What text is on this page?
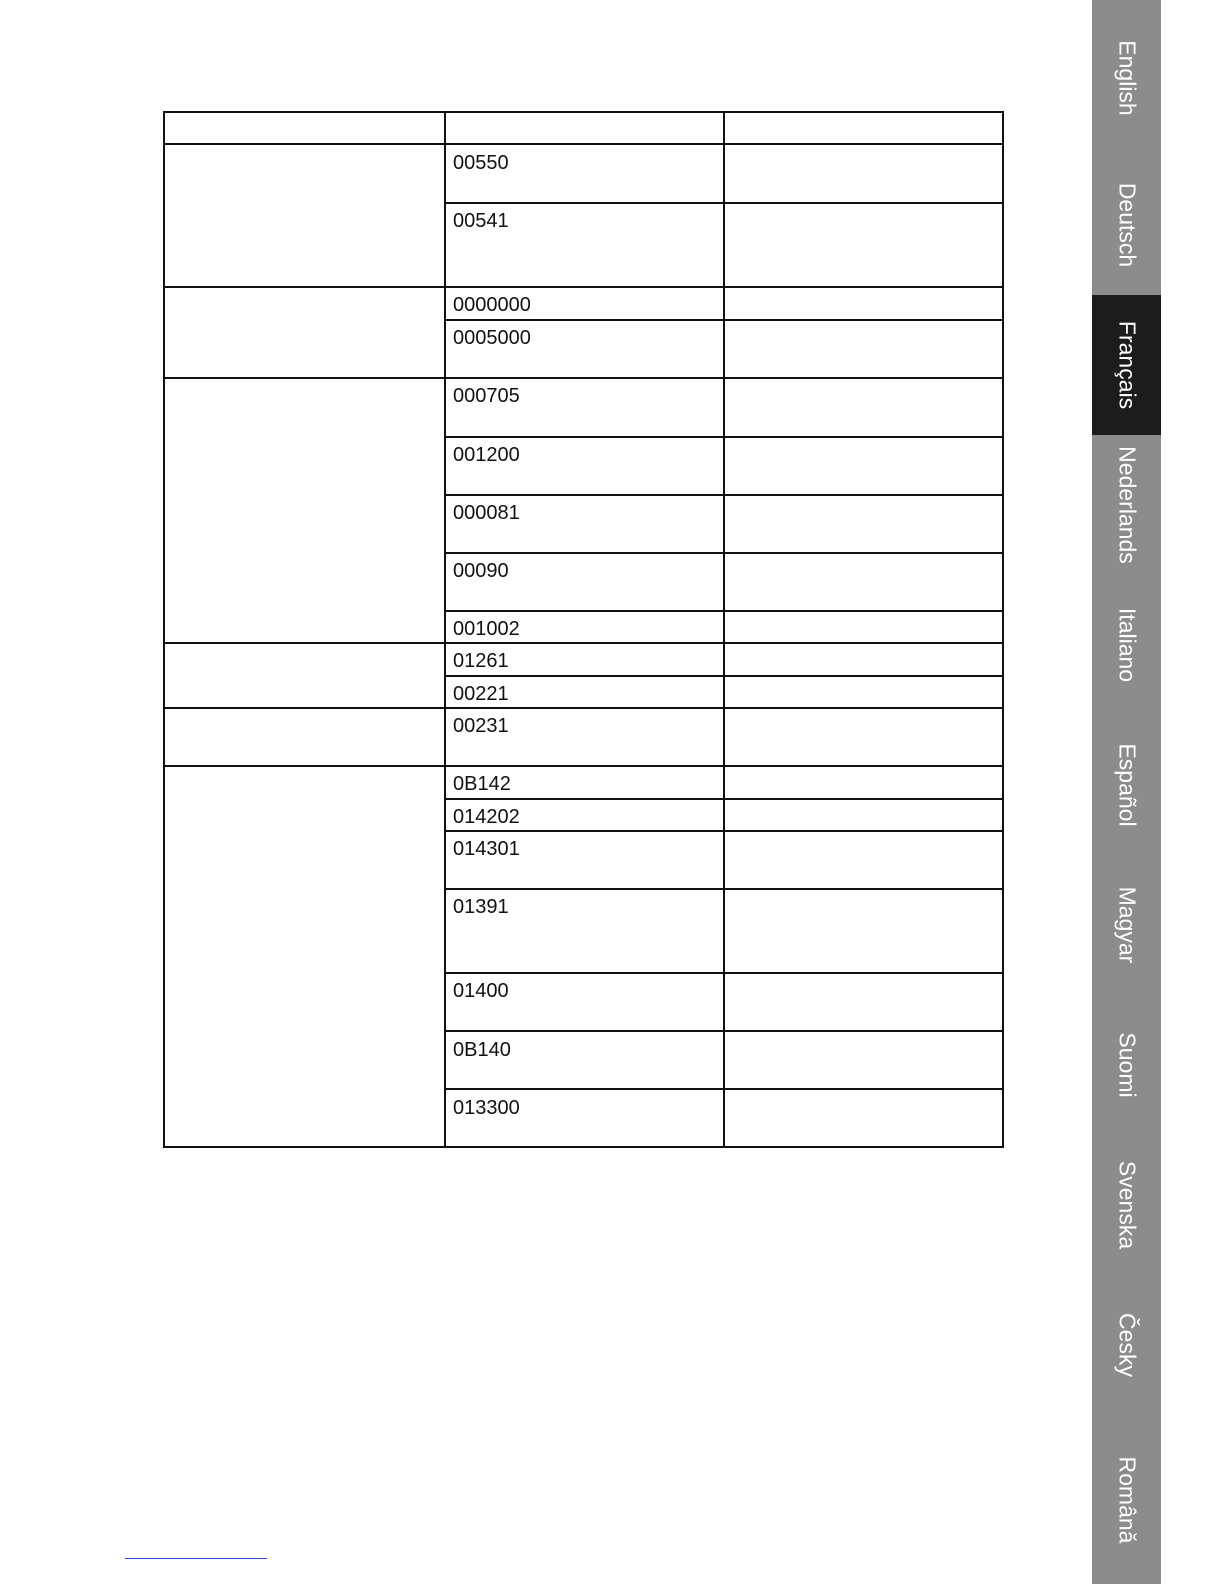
00550
00541
0000000
0005000
000705
001200
000081
00090
001002
01261
00221
00231
0B142
014202
014301
01391
01400
0B140
013300
English
Deutsch
Français
Nederlands
Italiano
Español
Magyar
Suomi
Svenska
Česky
Română
